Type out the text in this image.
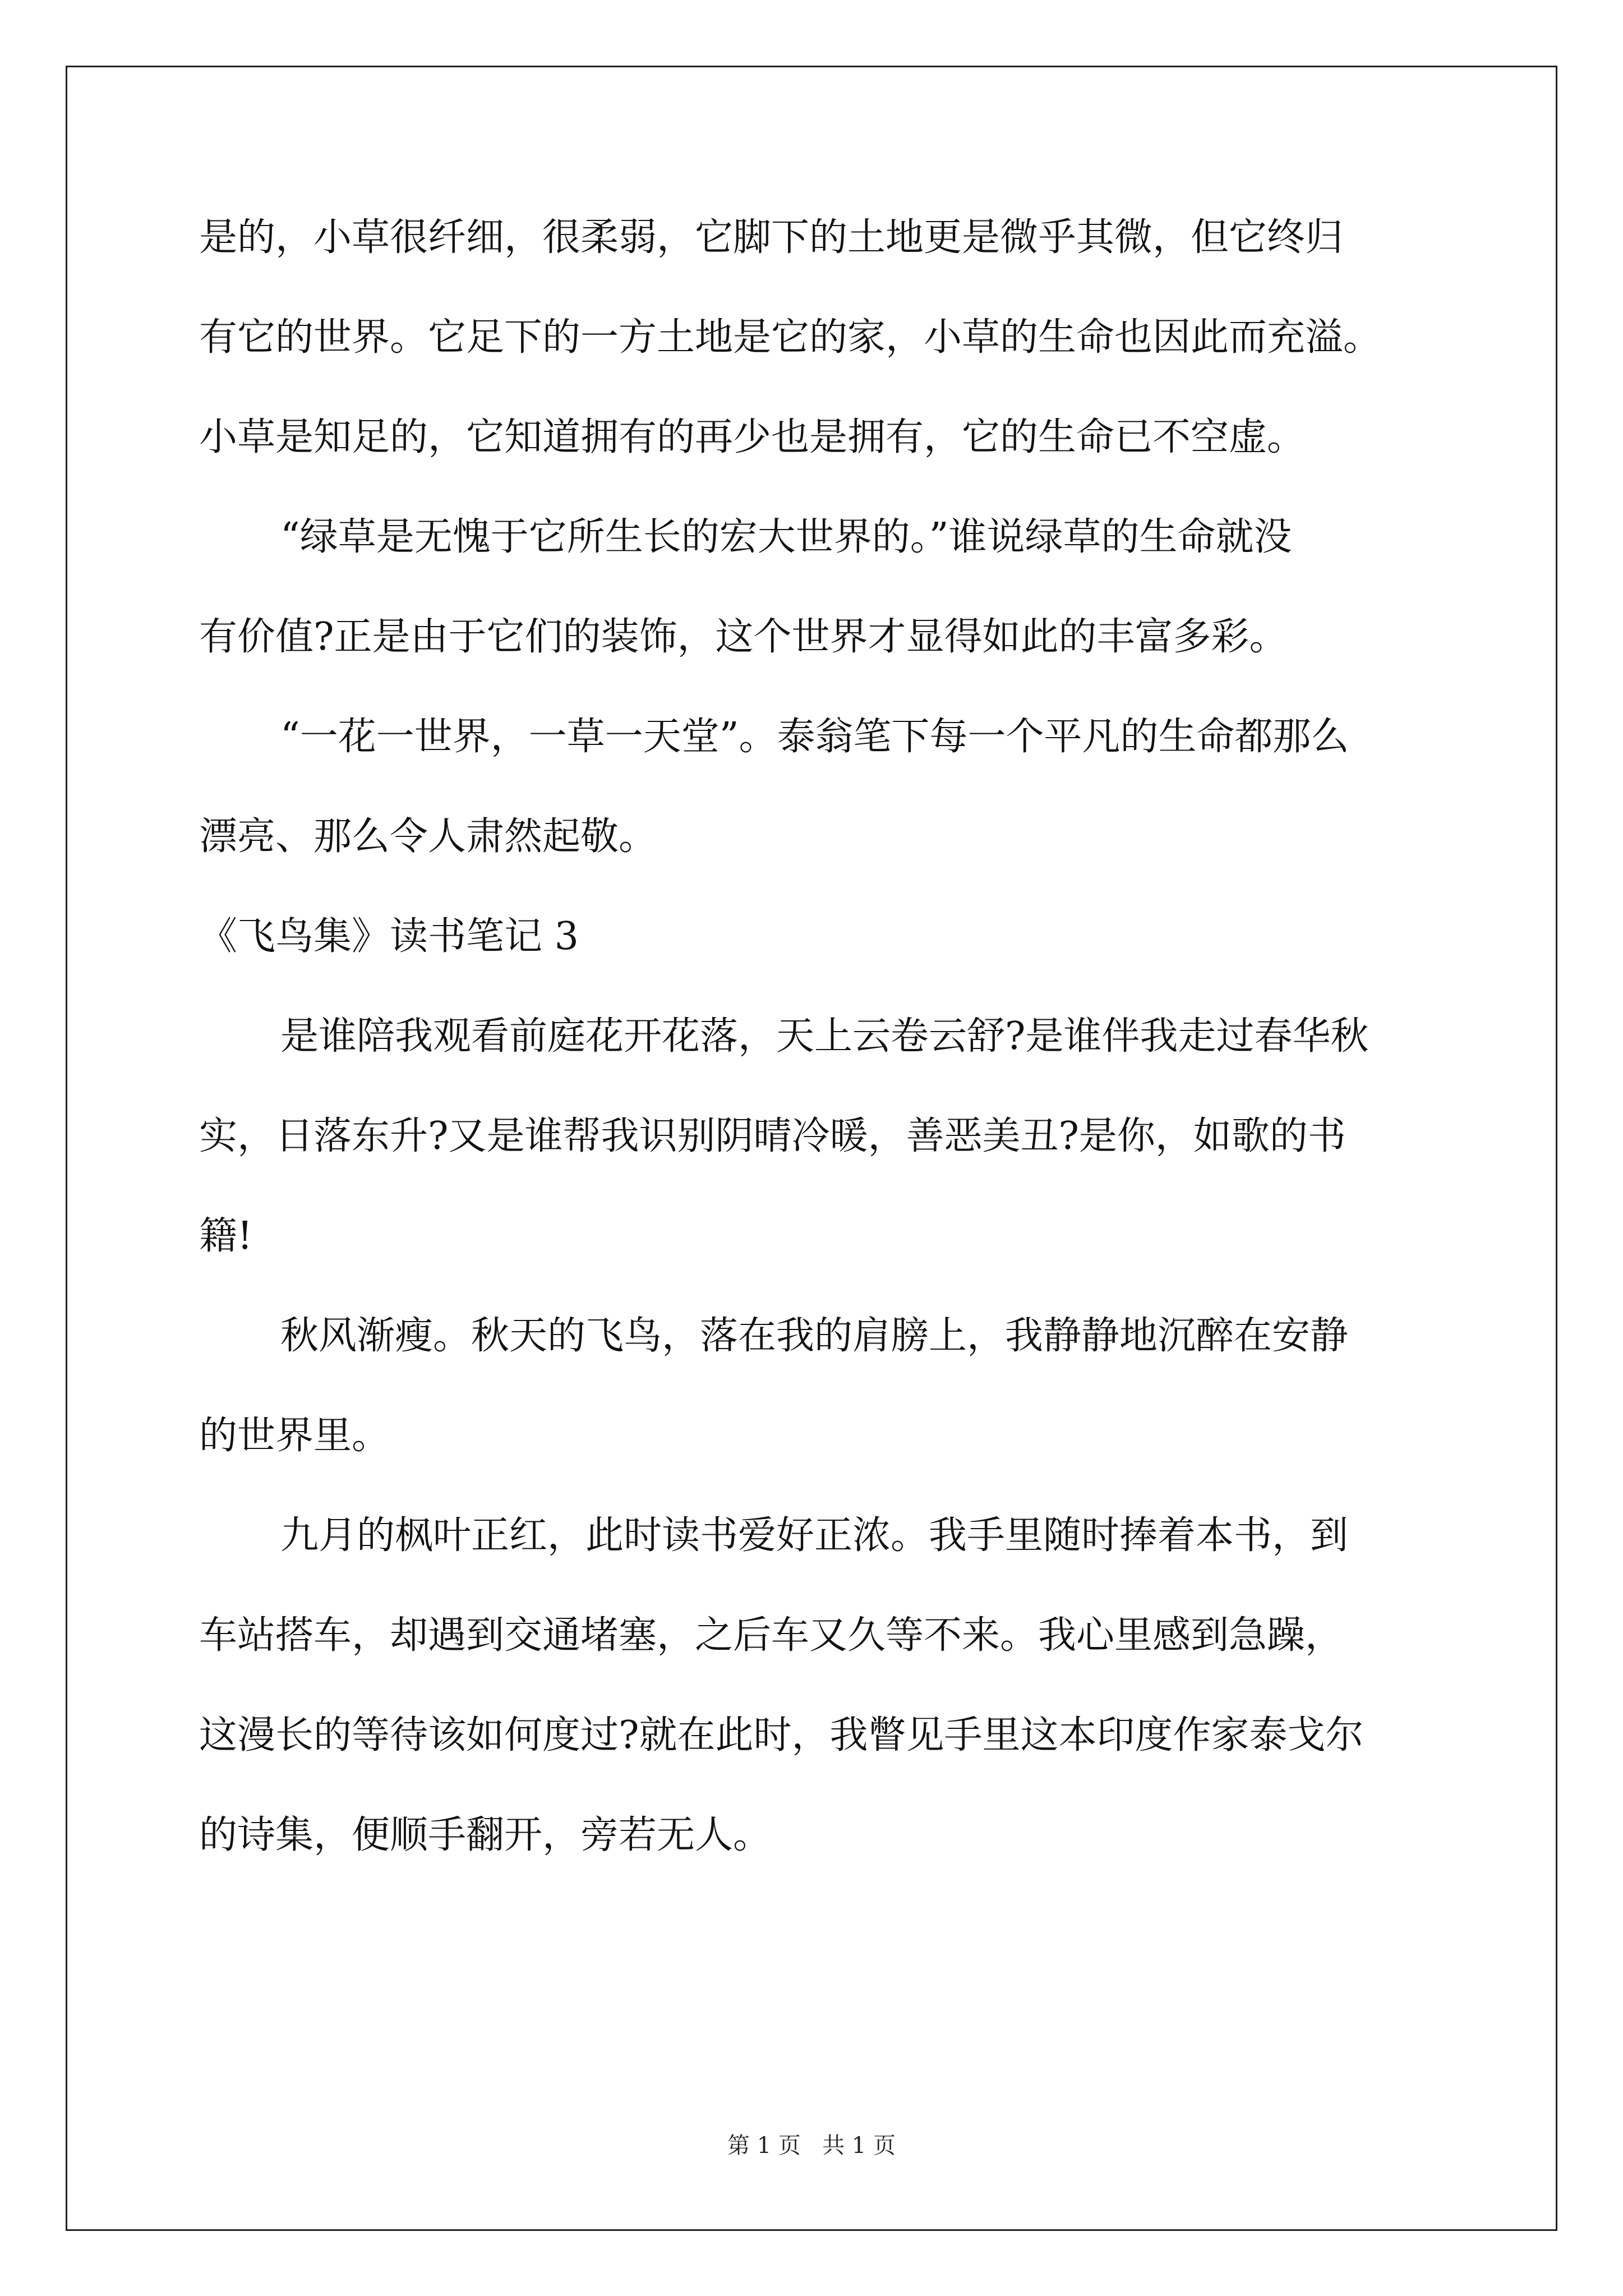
是的，小草很纤细，很柔弱，它脚下的土地更是微乎其微，但它终归

有它的世界。它足下的一方土地是它的家，小草的生命也因此而充溢。

小草是知足的，它知道拥有的再少也是拥有，它的生命已不空虚。

“绿草是无愧于它所生长的宏大世界的。”谁说绿草的生命就没

有价值?正是由于它们的装饰，这个世界才显得如此的丰富多彩。

“一花一世界，一草一天堂”。泰翁笔下每一个平凡的生命都那么

漂亮、那么令人肃然起敬。

《飞鸟集》读书笔记 3

是谁陪我观看前庭花开花落，天上云卷云舒?是谁伴我走过春华秋

实，日落东升?又是谁帮我识别阴晴冷暖，善恶美丑?是你，如歌的书

籍!

秋风渐瘦。秋天的飞鸟，落在我的肩膀上，我静静地沉醉在安静

的世界里。

九月的枫叶正红，此时读书爱好正浓。我手里随时捧着本书，到

车站搭车，却遇到交通堵塞，之后车又久等不来。我心里感到急躁，

这漫长的等待该如何度过?就在此时，我瞥见手里这本印度作家泰戈尔

的诗集，便顺手翻开，旁若无人。

第 1 页   共 1 页
